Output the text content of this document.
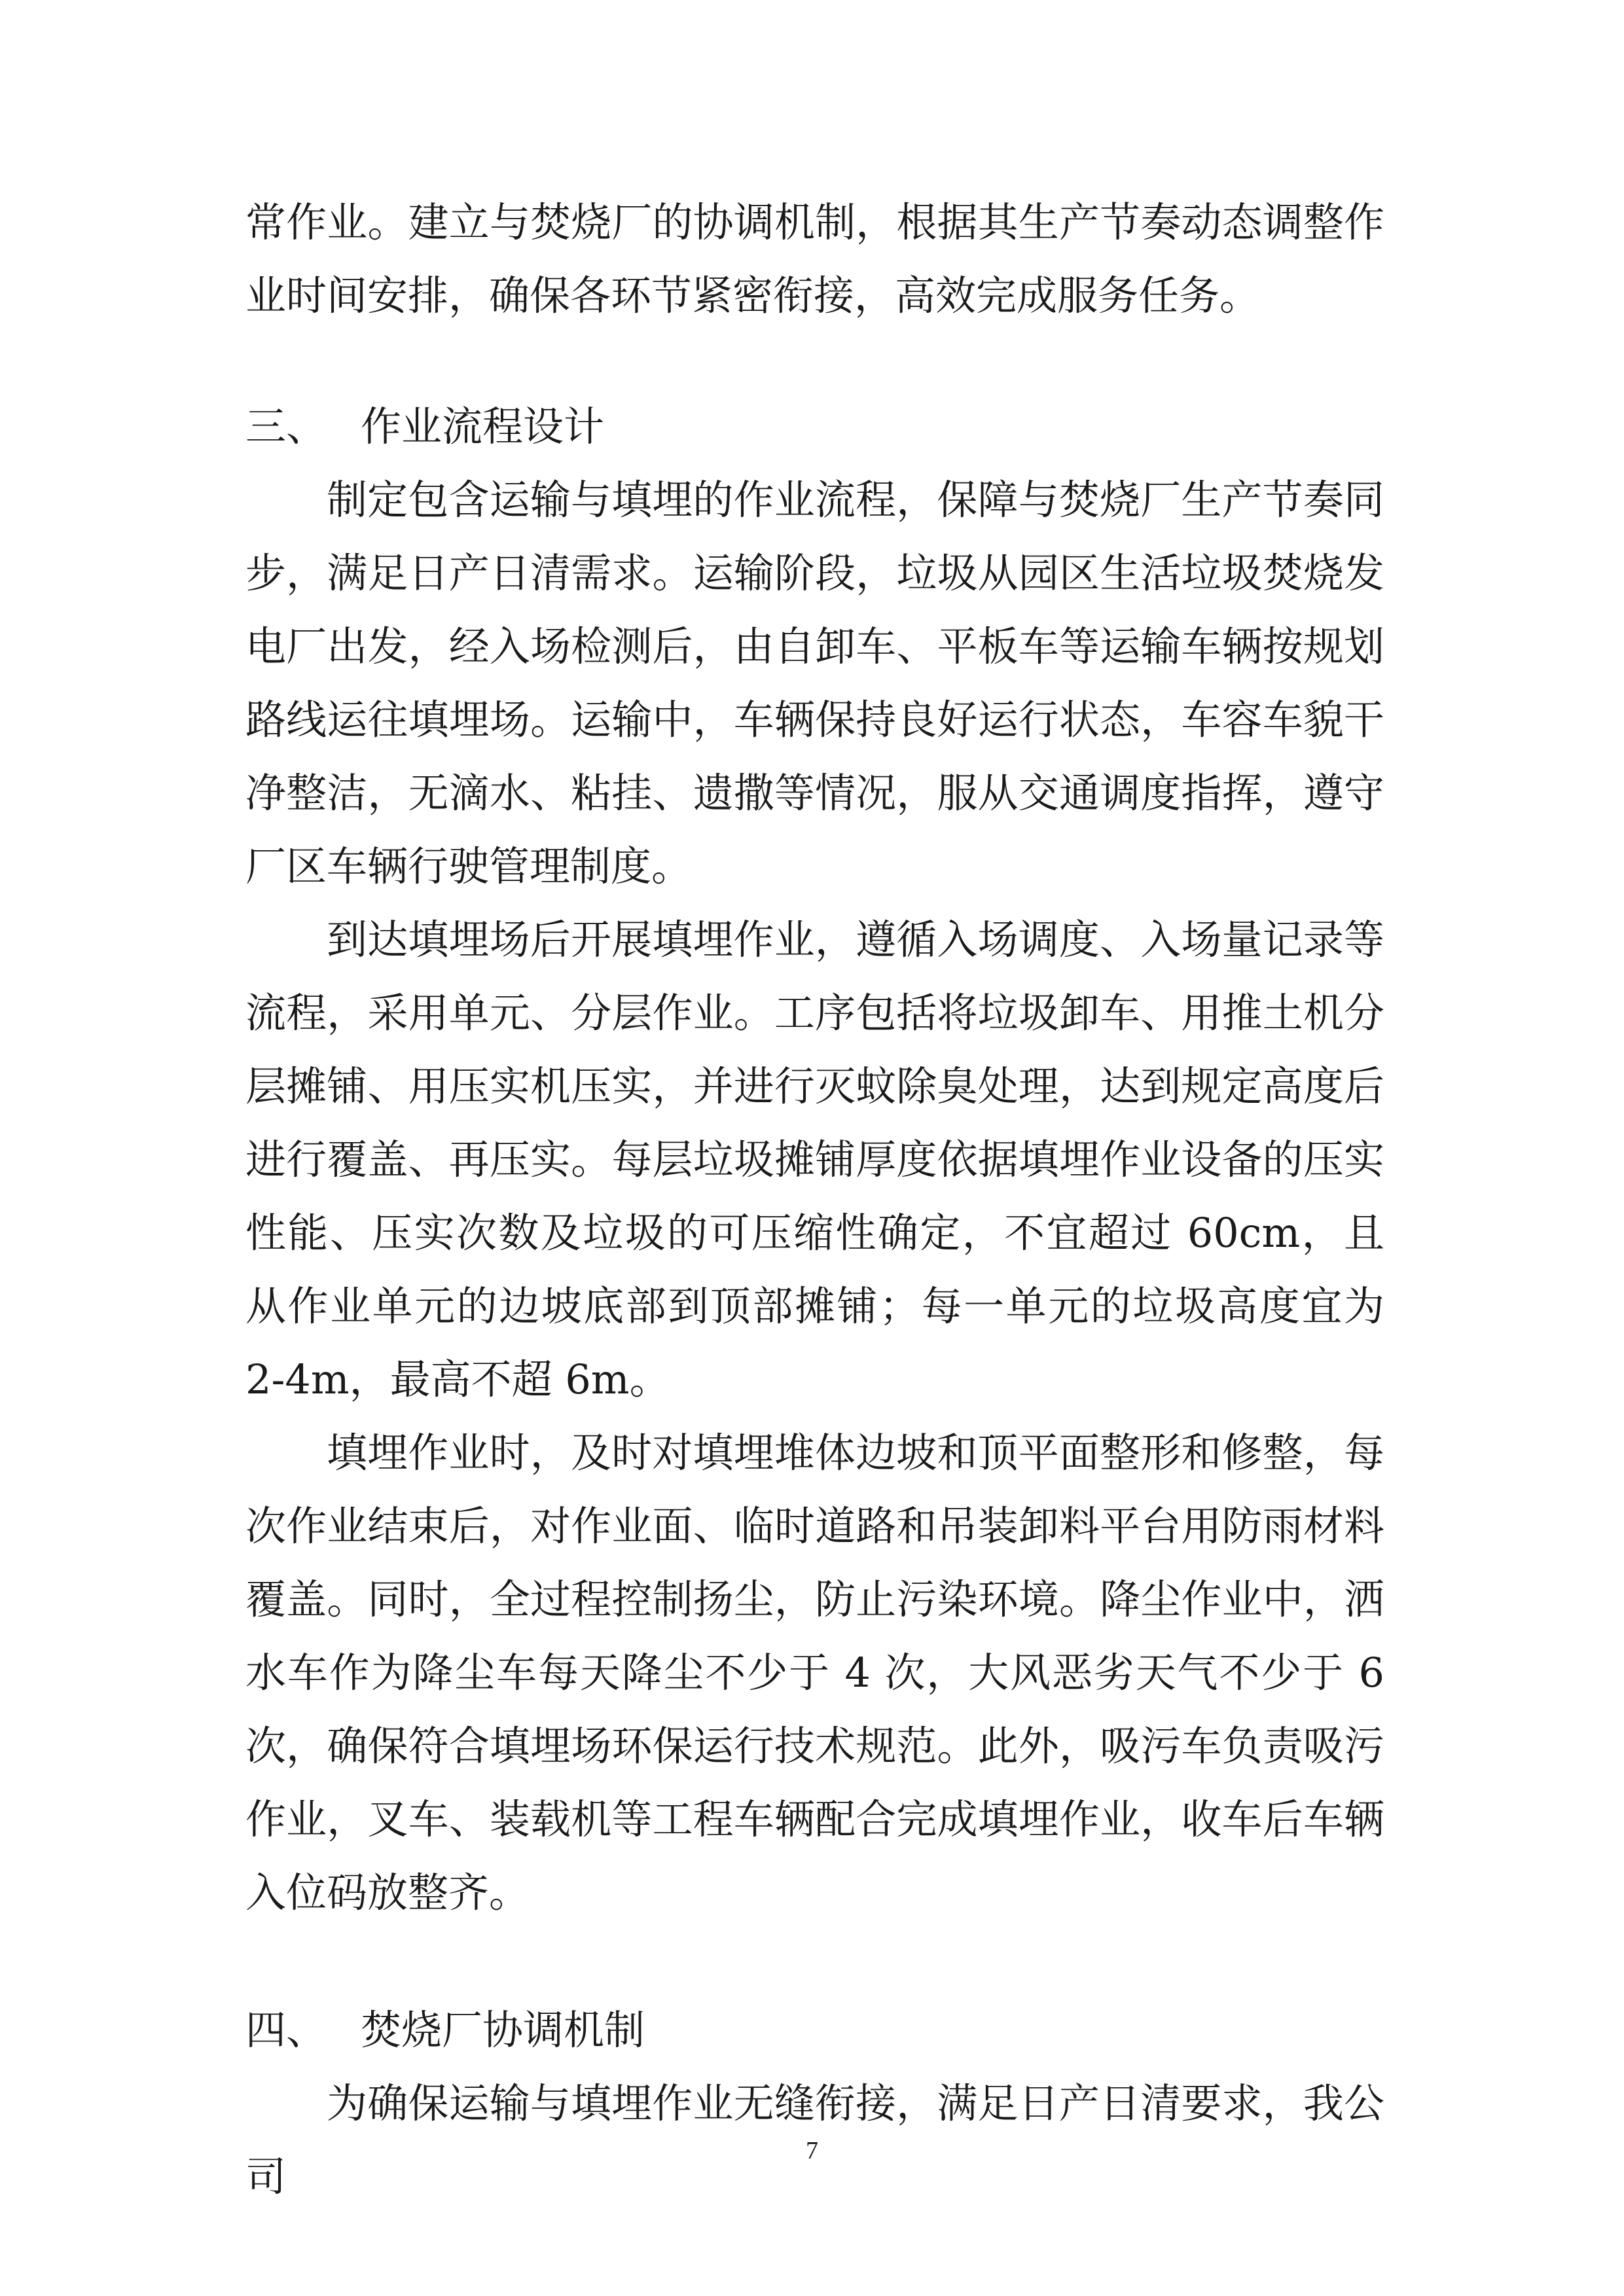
常作业。建立与焚烧厂的协调机制，根据其生产节奏动态调整作业时间安排，确保各环节紧密衔接，高效完成服务任务。

三、 作业流程设计

制定包含运输与填埋的作业流程，保障与焚烧厂生产节奏同步，满足日产日清需求。运输阶段，垃圾从园区生活垃圾焚烧发电厂出发，经入场检测后，由自卸车、平板车等运输车辆按规划路线运往填埋场。运输中，车辆保持良好运行状态，车容车貌干净整洁，无滴水、粘挂、遗撒等情况，服从交通调度指挥，遵守厂区车辆行驶管理制度。

到达填埋场后开展填埋作业，遵循入场调度、入场量记录等流程，采用单元、分层作业。工序包括将垃圾卸车、用推土机分层摊铺、用压实机压实，并进行灭蚊除臭处理，达到规定高度后进行覆盖、再压实。每层垃圾摊铺厚度依据填埋作业设备的压实性能、压实次数及垃圾的可压缩性确定，不宜超过 60cm，且从作业单元的边坡底部到顶部摊铺；每一单元的垃圾高度宜为 2-4m，最高不超 6m。

填埋作业时，及时对填埋堆体边坡和顶平面整形和修整，每次作业结束后，对作业面、临时道路和吊装卸料平台用防雨材料覆盖。同时，全过程控制扬尘，防止污染环境。降尘作业中，洒水车作为降尘车每天降尘不少于 4 次，大风恶劣天气不少于 6 次，确保符合填埋场环保运行技术规范。此外，吸污车负责吸污作业，叉车、装载机等工程车辆配合完成填埋作业，收车后车辆入位码放整齐。

四、 焚烧厂协调机制

为确保运输与填埋作业无缝衔接，满足日产日清要求，我公司

7
